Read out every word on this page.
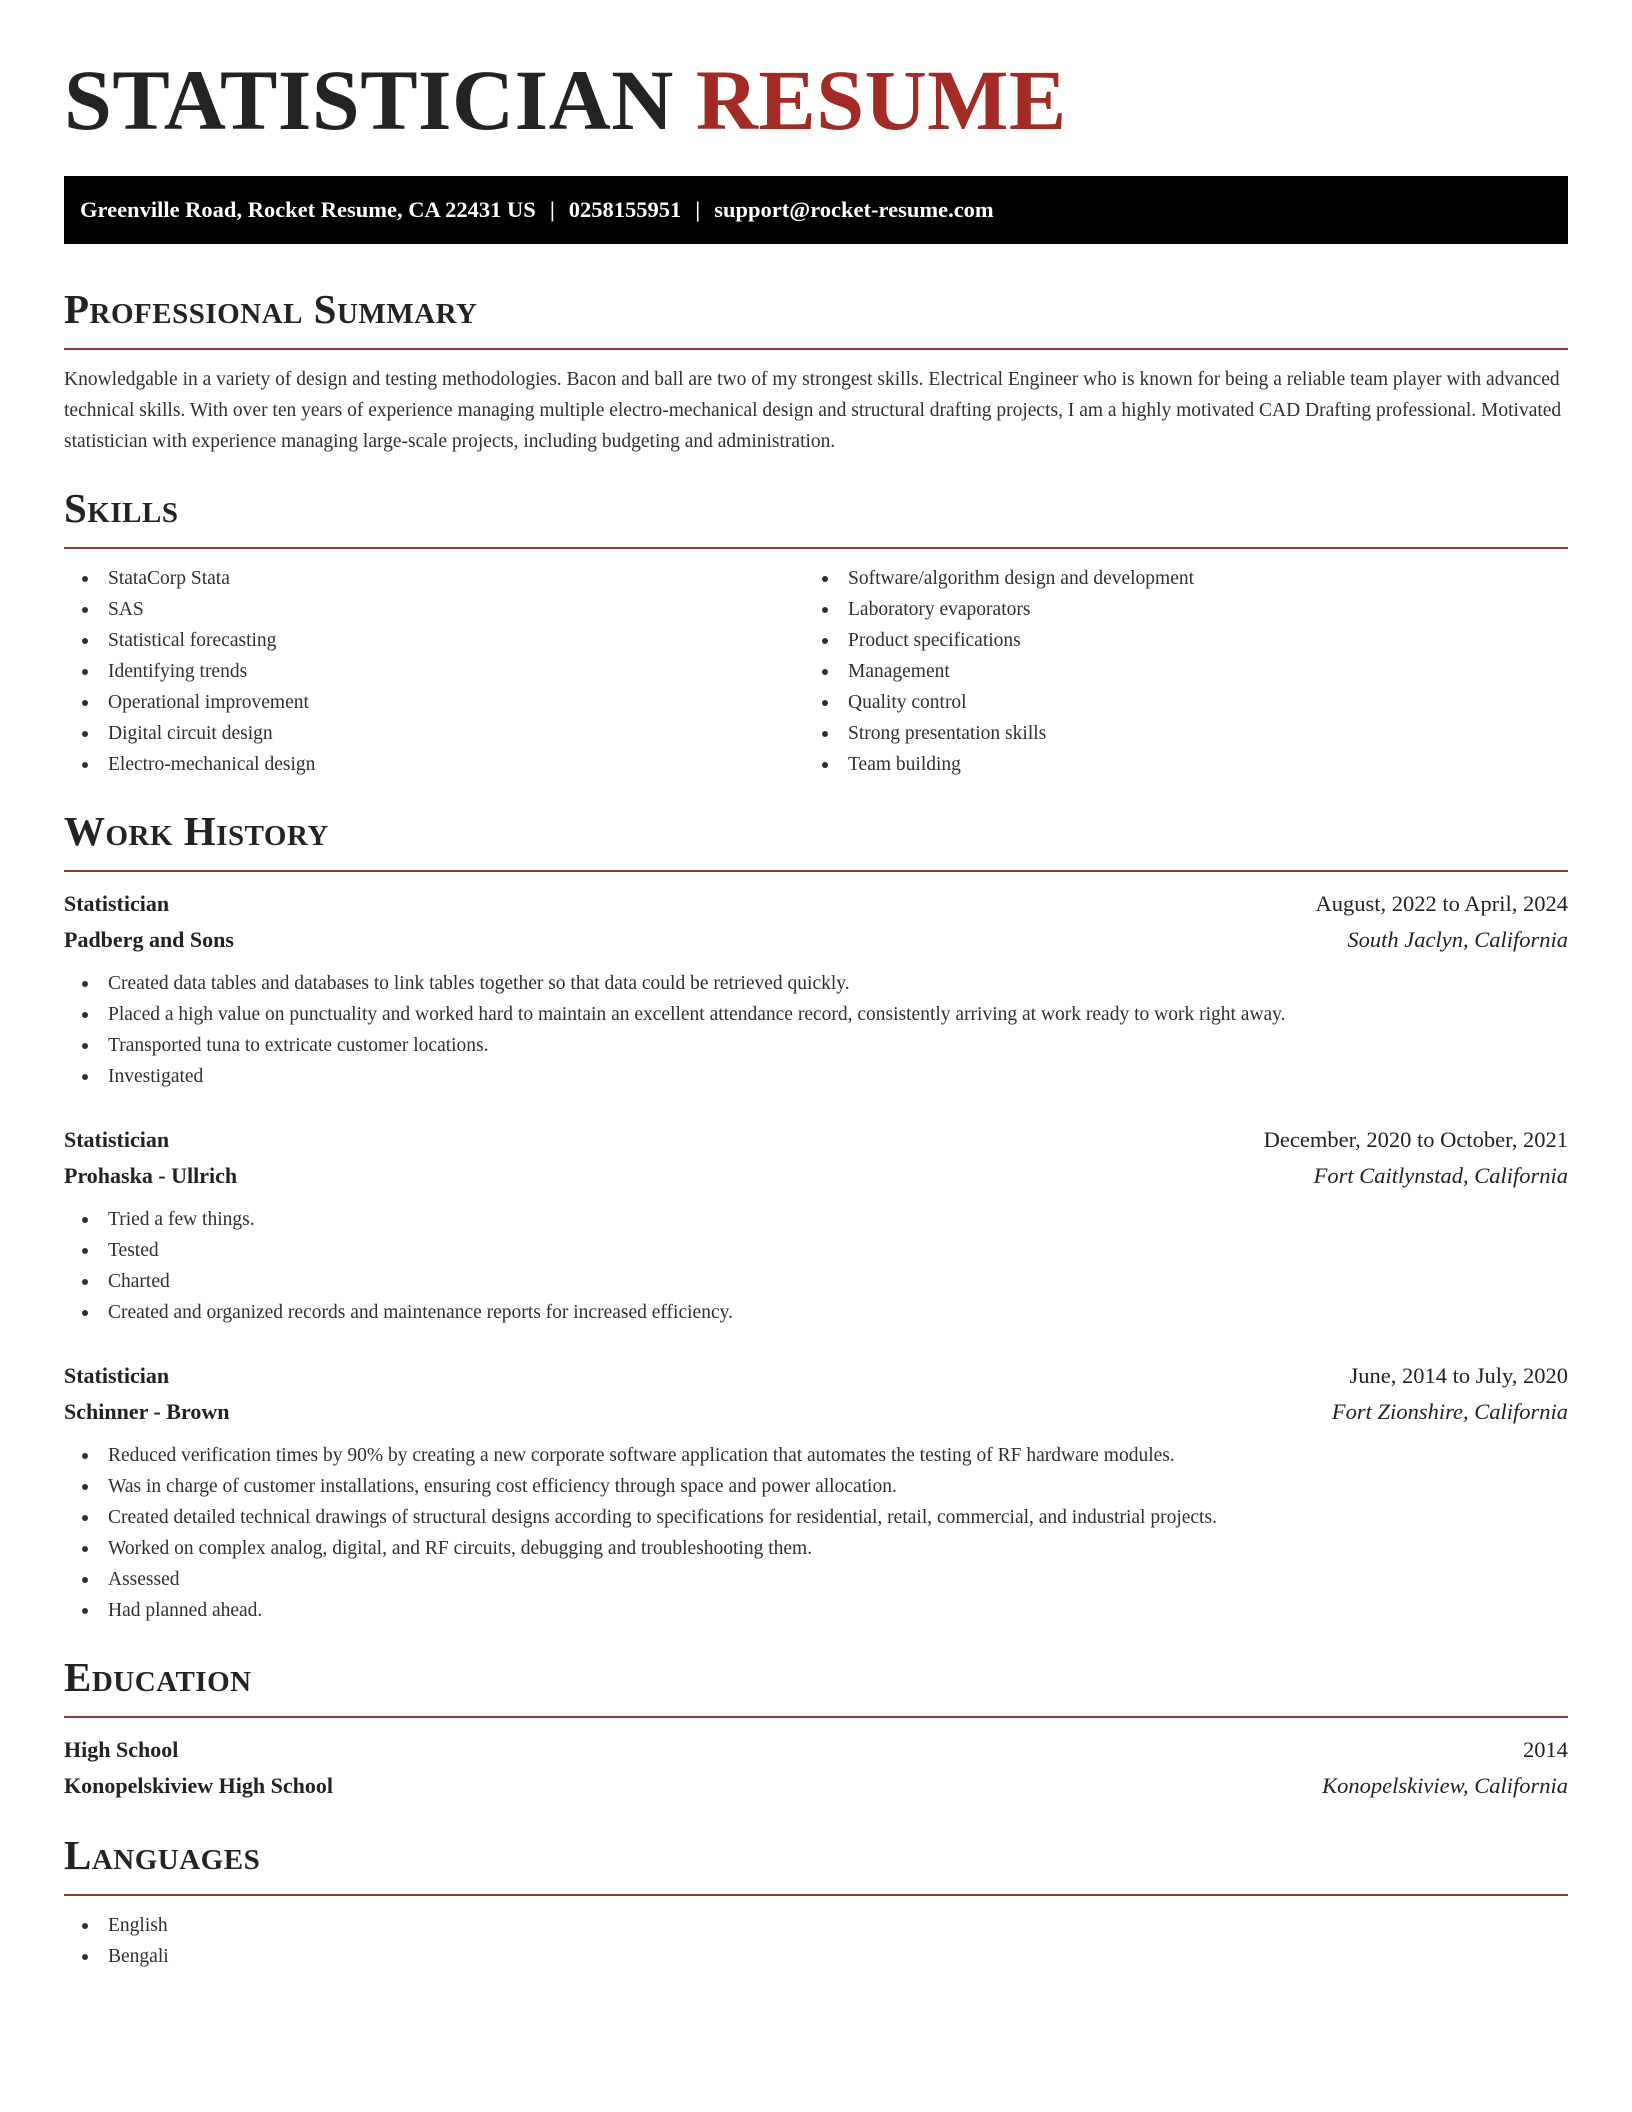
STATISTICIAN RESUME
Greenville Road, Rocket Resume, CA 22431 US | 0258155951 | support@rocket-resume.com
Professional Summary

Knowledgable in a variety of design and testing methodologies. Bacon and ball are two of my strongest skills. Electrical Engineer who is known for being a reliable team player with advanced technical skills. With over ten years of experience managing multiple electro-mechanical design and structural drafting projects, I am a highly motivated CAD Drafting professional. Motivated statistician with experience managing large-scale projects, including budgeting and administration.

Skills
StataCorp Stata
SAS
Statistical forecasting
Identifying trends
Operational improvement
Digital circuit design
Electro-mechanical design
Software/algorithm design and development
Laboratory evaporators
Product specifications
Management
Quality control
Strong presentation skills
Team building
Work History
Statistician	August, 2022 to April, 2024
Padberg and Sons	South Jaclyn, California
Created data tables and databases to link tables together so that data could be retrieved quickly.
Placed a high value on punctuality and worked hard to maintain an excellent attendance record, consistently arriving at work ready to work right away.
Transported tuna to extricate customer locations.
Investigated
Statistician	December, 2020 to October, 2021
Prohaska - Ullrich	Fort Caitlynstad, California
Tried a few things.
Tested
Charted
Created and organized records and maintenance reports for increased efficiency.
Statistician	June, 2014 to July, 2020
Schinner - Brown	Fort Zionshire, California
Reduced verification times by 90% by creating a new corporate software application that automates the testing of RF hardware modules.
Was in charge of customer installations, ensuring cost efficiency through space and power allocation.
Created detailed technical drawings of structural designs according to specifications for residential, retail, commercial, and industrial projects.
Worked on complex analog, digital, and RF circuits, debugging and troubleshooting them.
Assessed
Had planned ahead.
Education
High School	2014
Konopelskiview High School	Konopelskiview, California
Languages
English
Bengali
